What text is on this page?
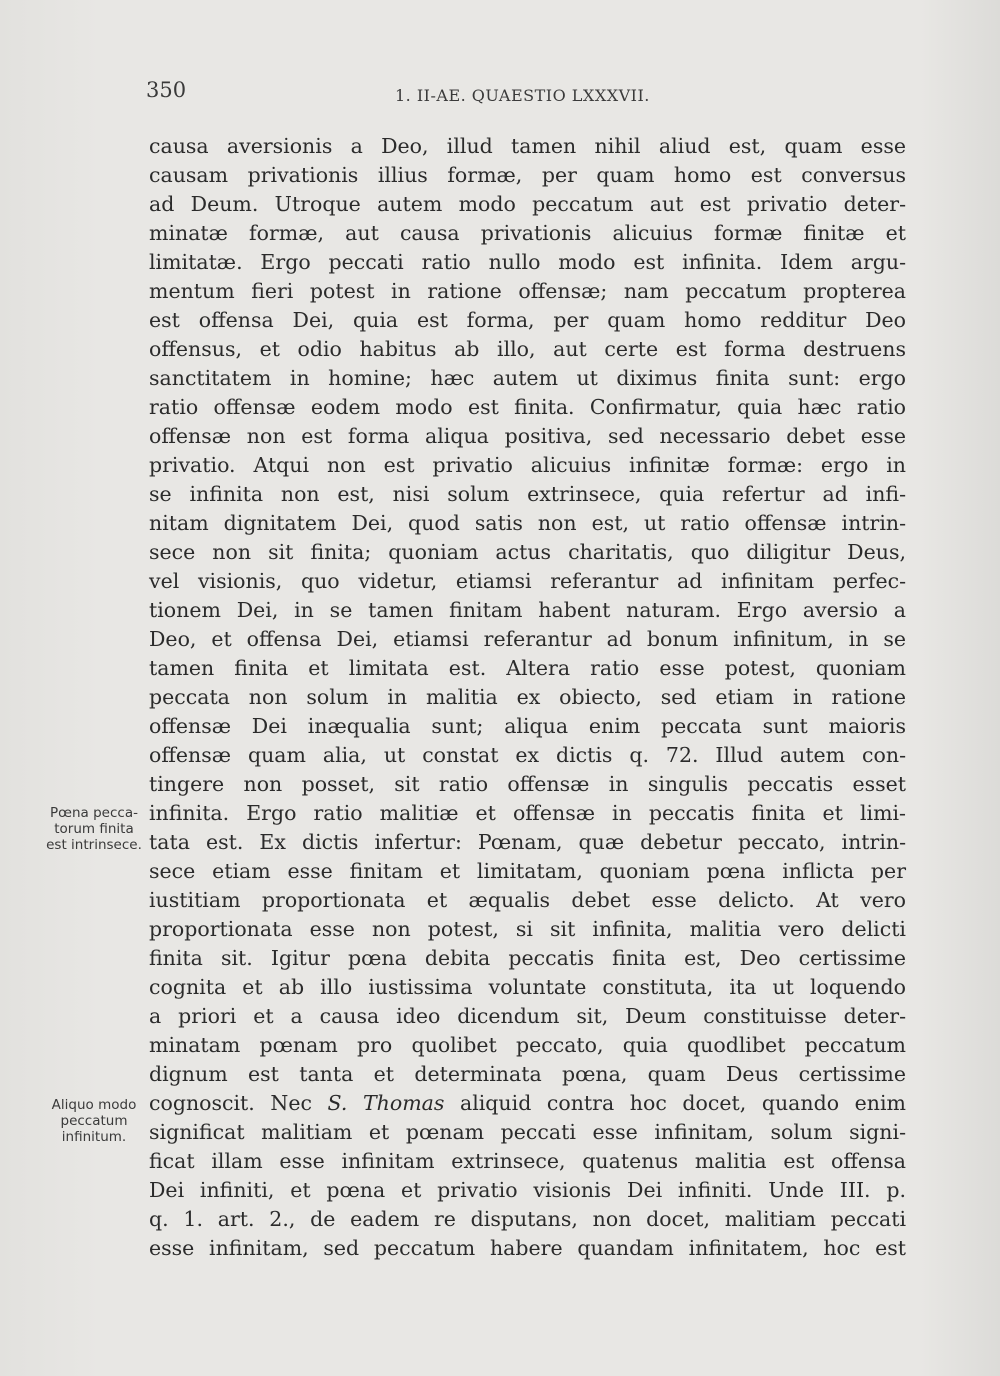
350	1. II-AE. QUAESTIO LXXXVII.
Pœna pecca-
torum finita
est intrinsece.
Aliquo modo
peccatum
infinitum.
causa aversionis a Deo, illud tamen nihil aliud est, quam esse
causam privationis illius formæ, per quam homo est conversus
ad Deum. Utroque autem modo peccatum aut est privatio deter-
minatæ formæ, aut causa privationis alicuius formæ finitæ et
limitatæ. Ergo peccati ratio nullo modo est infinita. Idem argu-
mentum fieri potest in ratione offensæ; nam peccatum propterea
est offensa Dei, quia est forma, per quam homo redditur Deo
offensus, et odio habitus ab illo, aut certe est forma destruens
sanctitatem in homine; hæc autem ut diximus finita sunt: ergo
ratio offensæ eodem modo est finita. Confirmatur, quia hæc ratio
offensæ non est forma aliqua positiva, sed necessario debet esse
privatio. Atqui non est privatio alicuius infinitæ formæ: ergo in
se infinita non est, nisi solum extrinsece, quia refertur ad infi-
nitam dignitatem Dei, quod satis non est, ut ratio offensæ intrin-
sece non sit finita; quoniam actus charitatis, quo diligitur Deus,
vel visionis, quo videtur, etiamsi referantur ad infinitam perfec-
tionem Dei, in se tamen finitam habent naturam. Ergo aversio a
Deo, et offensa Dei, etiamsi referantur ad bonum infinitum, in se
tamen finita et limitata est. Altera ratio esse potest, quoniam
peccata non solum in malitia ex obiecto, sed etiam in ratione
offensæ Dei inæqualia sunt; aliqua enim peccata sunt maioris
offensæ quam alia, ut constat ex dictis q. 72. Illud autem con-
tingere non posset, sit ratio offensæ in singulis peccatis esset
infinita. Ergo ratio malitiæ et offensæ in peccatis finita et limi-
tata est. Ex dictis infertur: Pœnam, quæ debetur peccato, intrin-
sece etiam esse finitam et limitatam, quoniam pœna inflicta per
iustitiam proportionata et æqualis debet esse delicto. At vero
proportionata esse non potest, si sit infinita, malitia vero delicti
finita sit. Igitur pœna debita peccatis finita est, Deo certissime
cognita et ab illo iustissima voluntate constituta, ita ut loquendo
a priori et a causa ideo dicendum sit, Deum constituisse deter-
minatam pœnam pro quolibet peccato, quia quodlibet peccatum
dignum est tanta et determinata pœna, quam Deus certissime
cognoscit. Nec S. Thomas aliquid contra hoc docet, quando enim
significat malitiam et pœnam peccati esse infinitam, solum signi-
ficat illam esse infinitam extrinsece, quatenus malitia est offensa
Dei infiniti, et pœna et privatio visionis Dei infiniti. Unde III. p.
q. 1. art. 2., de eadem re disputans, non docet, malitiam peccati
esse infinitam, sed peccatum habere quandam infinitatem, hoc est
